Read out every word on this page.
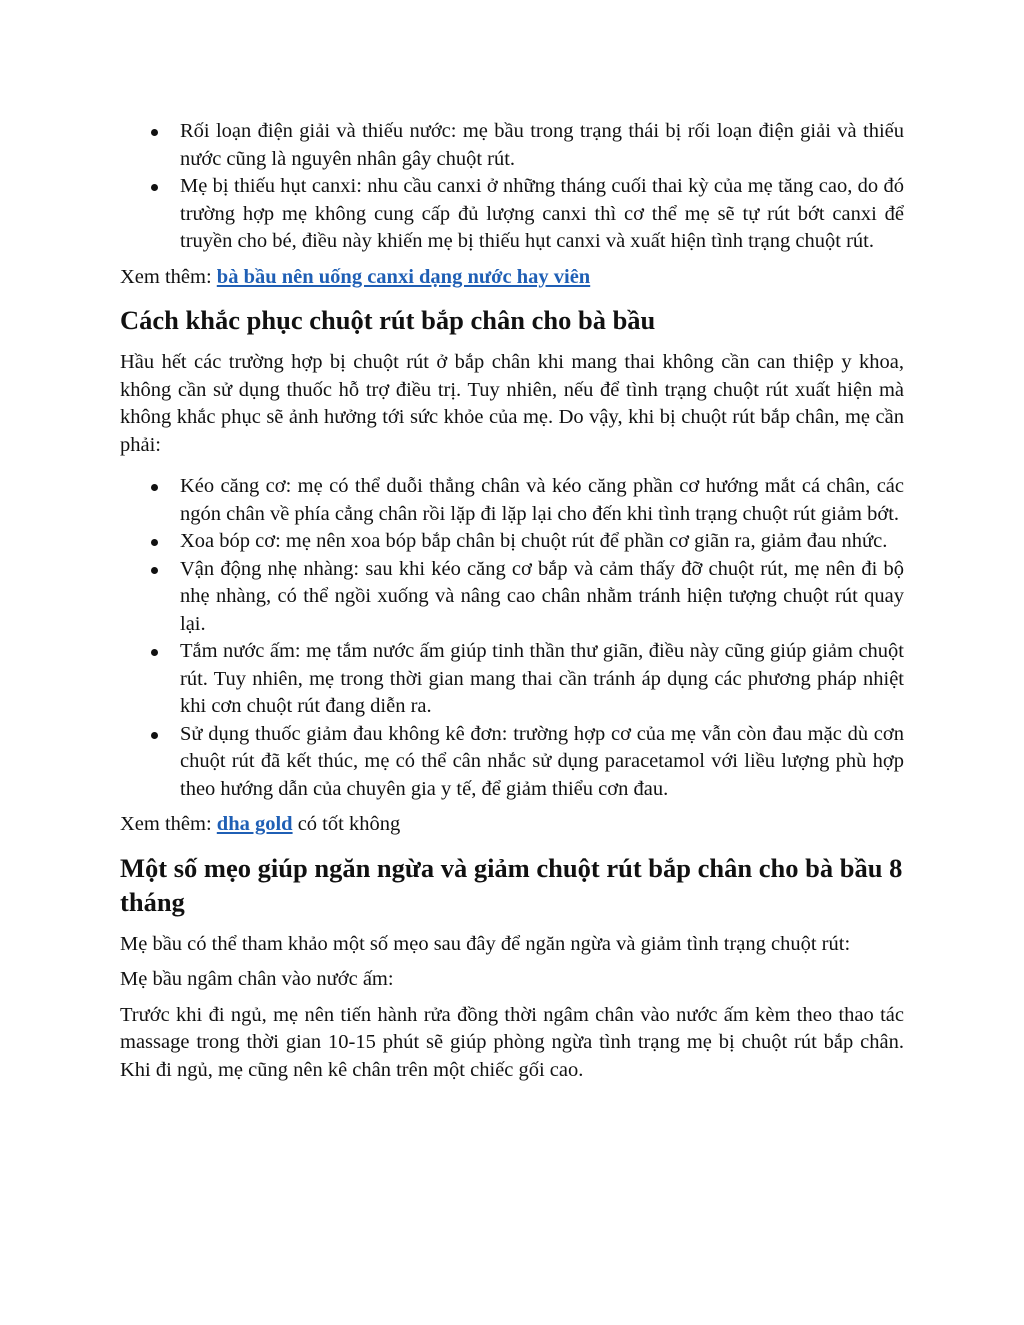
Rối loạn điện giải và thiếu nước: mẹ bầu trong trạng thái bị rối loạn điện giải và thiếu nước cũng là nguyên nhân gây chuột rút.
Mẹ bị thiếu hụt canxi: nhu cầu canxi ở những tháng cuối thai kỳ của mẹ tăng cao, do đó trường hợp mẹ không cung cấp đủ lượng canxi thì cơ thể mẹ sẽ tự rút bớt canxi để truyền cho bé, điều này khiến mẹ bị thiếu hụt canxi và xuất hiện tình trạng chuột rút.

Xem thêm: bà bầu nên uống canxi dạng nước hay viên

Cách khắc phục chuột rút bắp chân cho bà bầu

Hầu hết các trường hợp bị chuột rút ở bắp chân khi mang thai không cần can thiệp y khoa, không cần sử dụng thuốc hỗ trợ điều trị. Tuy nhiên, nếu để tình trạng chuột rút xuất hiện mà không khắc phục sẽ ảnh hưởng tới sức khỏe của mẹ. Do vậy, khi bị chuột rút bắp chân, mẹ cần phải:

Kéo căng cơ: mẹ có thể duỗi thẳng chân và kéo căng phần cơ hướng mắt cá chân, các ngón chân về phía cẳng chân rồi lặp đi lặp lại cho đến khi tình trạng chuột rút giảm bớt.
Xoa bóp cơ: mẹ nên xoa bóp bắp chân bị chuột rút để phần cơ giãn ra, giảm đau nhức.
Vận động nhẹ nhàng: sau khi kéo căng cơ bắp và cảm thấy đỡ chuột rút, mẹ nên đi bộ nhẹ nhàng, có thể ngồi xuống và nâng cao chân nhằm tránh hiện tượng chuột rút quay lại.
Tắm nước ấm: mẹ tắm nước ấm giúp tinh thần thư giãn, điều này cũng giúp giảm chuột rút. Tuy nhiên, mẹ trong thời gian mang thai cần tránh áp dụng các phương pháp nhiệt khi cơn chuột rút đang diễn ra.
Sử dụng thuốc giảm đau không kê đơn: trường hợp cơ của mẹ vẫn còn đau mặc dù cơn chuột rút đã kết thúc, mẹ có thể cân nhắc sử dụng paracetamol với liều lượng phù hợp theo hướng dẫn của chuyên gia y tế, để giảm thiểu cơn đau.

Xem thêm: dha gold có tốt không

Một số mẹo giúp ngăn ngừa và giảm chuột rút bắp chân cho bà bầu 8 tháng

Mẹ bầu có thể tham khảo một số mẹo sau đây để ngăn ngừa và giảm tình trạng chuột rút:

Mẹ bầu ngâm chân vào nước ấm:

Trước khi đi ngủ, mẹ nên tiến hành rửa đồng thời ngâm chân vào nước ấm kèm theo thao tác massage trong thời gian 10-15 phút sẽ giúp phòng ngừa tình trạng mẹ bị chuột rút bắp chân. Khi đi ngủ, mẹ cũng nên kê chân trên một chiếc gối cao.
